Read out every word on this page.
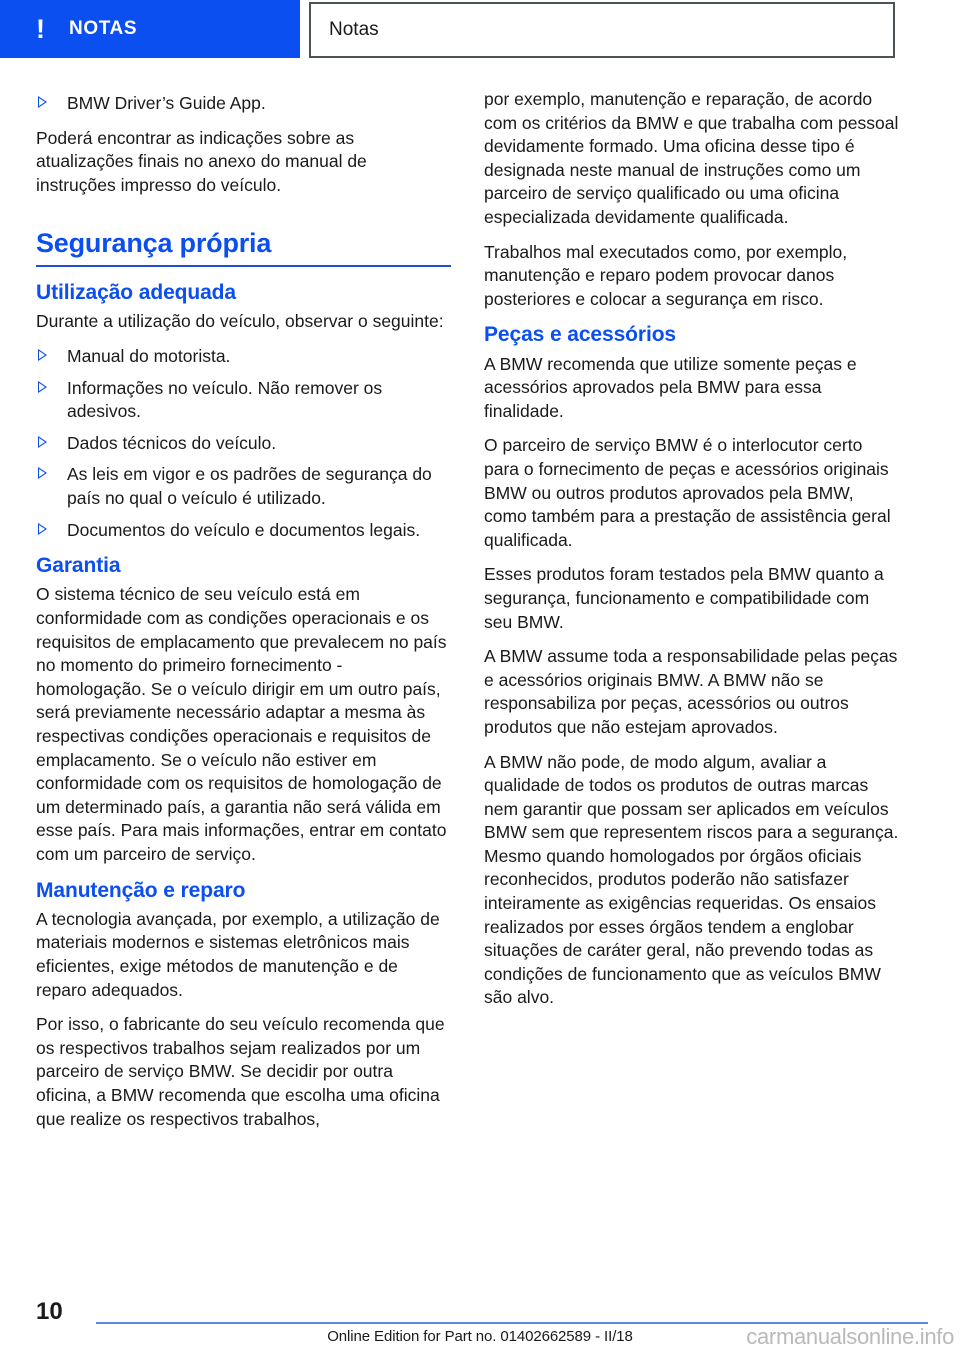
! NOTAS	Notas
BMW Driver’s Guide App.

Poderá encontrar as indicações sobre as atualizações finais no anexo do manual de instruções impresso do veículo.

Segurança própria
Utilização adequada

Durante a utilização do veículo, observar o seguinte:

Manual do motorista.
Informações no veículo. Não remover os adesivos.
Dados técnicos do veículo.
As leis em vigor e os padrões de segurança do país no qual o veículo é utilizado.
Documentos do veículo e documentos legais.
Garantia

O sistema técnico de seu veículo está em conformidade com as condições operacionais e os requisitos de emplacamento que prevalecem no país no momento do primeiro fornecimento - homologação. Se o veículo dirigir em um outro país, será previamente necessário adaptar a mesma às respectivas condições operacionais e requisitos de emplacamento. Se o veículo não estiver em conformidade com os requisitos de homologação de um determinado país, a garantia não será válida em esse país. Para mais informações, entrar em contato com um parceiro de serviço.

Manutenção e reparo

A tecnologia avançada, por exemplo, a utilização de materiais modernos e sistemas eletrônicos mais eficientes, exige métodos de manutenção e de reparo adequados.

Por isso, o fabricante do seu veículo recomenda que os respectivos trabalhos sejam realizados por um parceiro de serviço BMW. Se decidir por outra oficina, a BMW recomenda que escolha uma oficina que realize os respectivos trabalhos,

por exemplo, manutenção e reparação, de acordo com os critérios da BMW e que trabalha com pessoal devidamente formado. Uma oficina desse tipo é designada neste manual de instruções como um parceiro de serviço qualificado ou uma oficina especializada devidamente qualificada.

Trabalhos mal executados como, por exemplo, manutenção e reparo podem provocar danos posteriores e colocar a segurança em risco.

Peças e acessórios

A BMW recomenda que utilize somente peças e acessórios aprovados pela BMW para essa finalidade.

O parceiro de serviço BMW é o interlocutor certo para o fornecimento de peças e acessórios originais BMW ou outros produtos aprovados pela BMW, como também para a prestação de assistência geral qualificada.

Esses produtos foram testados pela BMW quanto a segurança, funcionamento e compatibilidade com seu BMW.

A BMW assume toda a responsabilidade pelas peças e acessórios originais BMW. A BMW não se responsabiliza por peças, acessórios ou outros produtos que não estejam aprovados.

A BMW não pode, de modo algum, avaliar a qualidade de todos os produtos de outras marcas nem garantir que possam ser aplicados em veículos BMW sem que representem riscos para a segurança. Mesmo quando homologados por órgãos oficiais reconhecidos, produtos poderão não satisfazer inteiramente as exigências requeridas. Os ensaios realizados por esses órgãos tendem a englobar situações de caráter geral, não prevendo todas as condições de funcionamento que as veículos BMW são alvo.

10
Online Edition for Part no. 01402662589 - II/18	carmanualsonline.info
